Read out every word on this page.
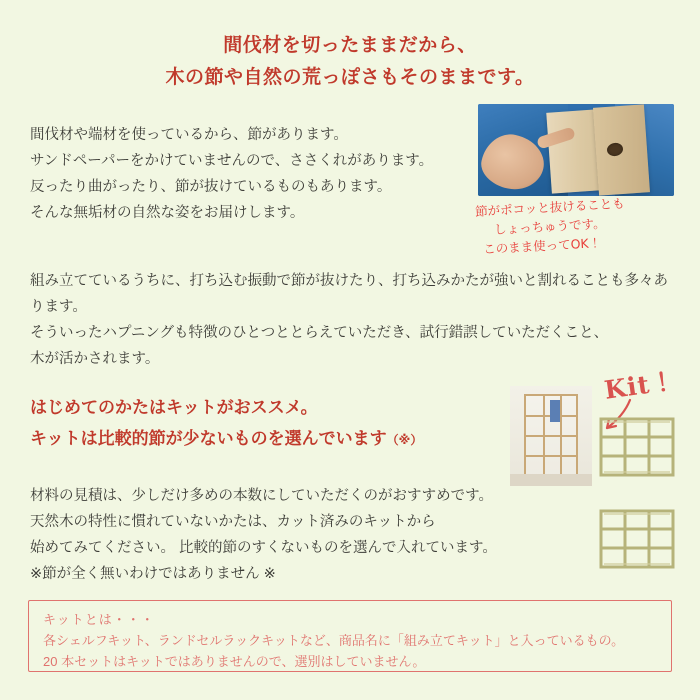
間伐材を切ったままだから、
木の節や自然の荒っぽさもそのままです。
間伐材や端材を使っているから、節があります。
サンドペーパーをかけていませんので、ささくれがあります。
反ったり曲がったり、節が抜けているものもあります。
そんな無垢材の自然な姿をお届けします。	節がポコッと抜けることも
しょっちゅうです。
このまま使ってOK！
組み立てているうちに、打ち込む振動で節が抜けたり、打ち込みかたが強いと割れることも多々あります。
そういったハプニングも特徴のひとつととらえていただき、試行錯誤していただくこと、
木が活かされます。
Kit！
はじめてのかたはキットがおススメ。
キットは比較的節が少ないものを選んでいます（※）
材料の見積は、少しだけ多めの本数にしていただくのがおすすめです。
天然木の特性に慣れていないかたは、カット済みのキットから
始めてみてください。 比較的節のすくないものを選んで入れています。
※節が全く無いわけではありません ※
キットとは・・・
各シェルフキット、ランドセルラックキットなど、商品名に「組み立てキット」と入っているもの。
20 本セットはキットではありませんので、選別はしていません。
